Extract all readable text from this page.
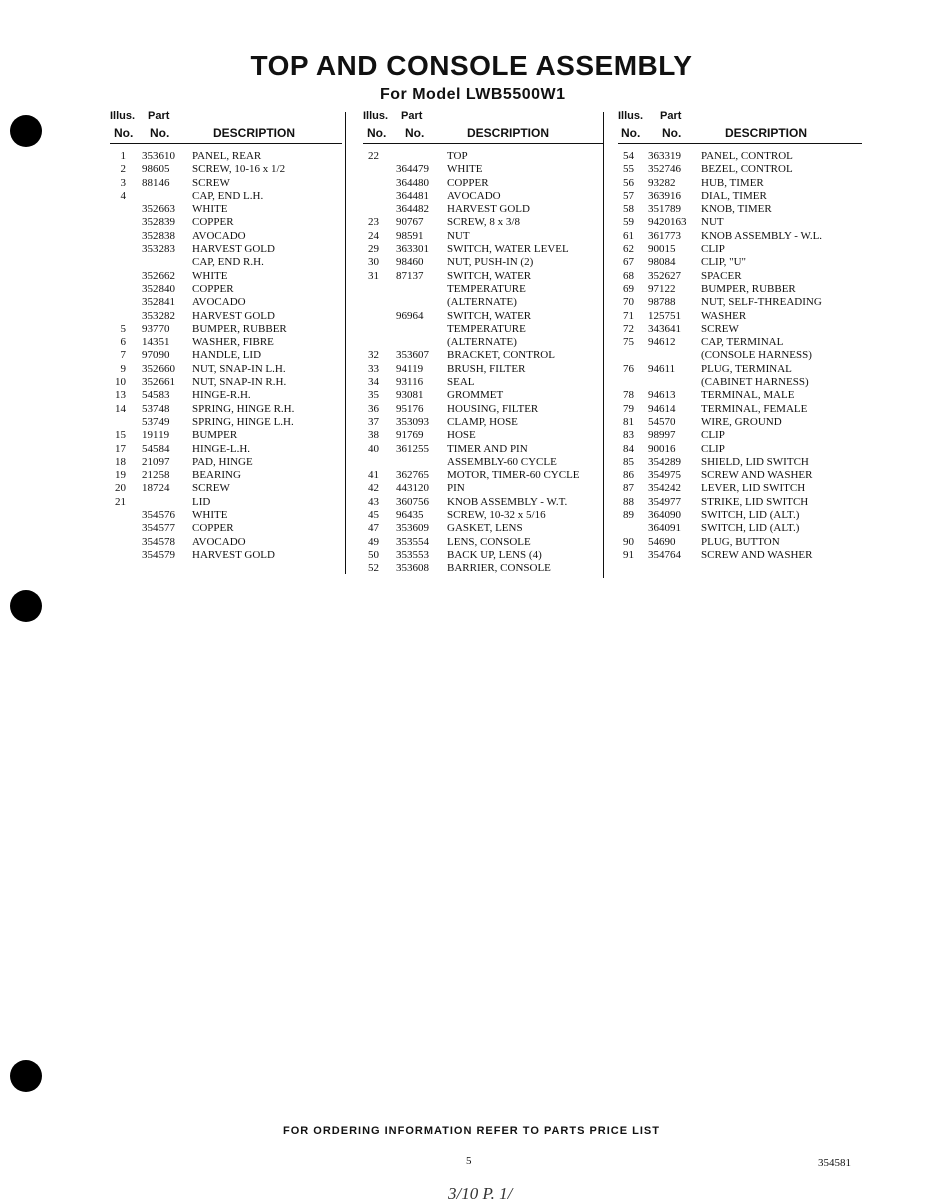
TOP AND CONSOLE ASSEMBLY
For Model LWB5500W1
Illus. Part
No. No.	DESCRIPTION
1 353610 PANEL, REAR
2 98605 SCREW, 10-16 x 1/2
3 88146 SCREW
4	CAP, END L.H.
352663 WHITE
352839 COPPER
352838 AVOCADO
353283 HARVEST GOLD
CAP, END R.H.
352662 WHITE
352840 COPPER
352841 AVOCADO
353282 HARVEST GOLD
5 93770 BUMPER, RUBBER
6 14351 WASHER, FIBRE
7 97090 HANDLE, LID
9 352660 NUT, SNAP-IN L.H.
10 352661 NUT, SNAP-IN R.H.
13 54583 HINGE-R.H.
14 53748 SPRING, HINGE R.H.
53749 SPRING, HINGE L.H.
15 19119 BUMPER
17 54584 HINGE-L.H.
18 21097 PAD, HINGE
19 21258 BEARING
20 18724 SCREW
21	LID
354576 WHITE
354577 COPPER
354578 AVOCADO
354579 HARVEST GOLD
Illus. Part
No. No.	DESCRIPTION
22	TOP
364479 WHITE
364480 COPPER
364481 AVOCADO
364482 HARVEST GOLD
23 90767 SCREW, 8 x 3/8
24 98591 NUT
29 363301 SWITCH, WATER LEVEL
30 98460 NUT, PUSH-IN (2)
31 87137 SWITCH, WATER
TEMPERATURE
(ALTERNATE)
96964 SWITCH, WATER
TEMPERATURE
(ALTERNATE)
32 353607 BRACKET, CONTROL
33 94119 BRUSH, FILTER
34 93116 SEAL
35 93081 GROMMET
36 95176 HOUSING, FILTER
37 353093 CLAMP, HOSE
38 91769 HOSE
40 361255 TIMER AND PIN
ASSEMBLY-60 CYCLE
41 362765 MOTOR, TIMER-60 CYCLE
42 443120 PIN
43 360756 KNOB ASSEMBLY - W.T.
45 96435 SCREW, 10-32 x 5/16
47 353609 GASKET, LENS
49 353554 LENS, CONSOLE
50 353553 BACK UP, LENS (4)
52 353608 BARRIER, CONSOLE
Illus. Part
No. No.	DESCRIPTION
54 363319 PANEL, CONTROL
55 352746 BEZEL, CONTROL
56 93282 HUB, TIMER
57 363916 DIAL, TIMER
58 351789 KNOB, TIMER
59 9420163 NUT
61 361773 KNOB ASSEMBLY - W.L.
62 90015 CLIP
67 98084 CLIP, "U"
68 352627 SPACER
69 97122 BUMPER, RUBBER
70 98788 NUT, SELF-THREADING
71 125751 WASHER
72 343641 SCREW
75 94612 CAP, TERMINAL
(CONSOLE HARNESS)
76 94611 PLUG, TERMINAL
(CABINET HARNESS)
78 94613 TERMINAL, MALE
79 94614 TERMINAL, FEMALE
81 54570 WIRE, GROUND
83 98997 CLIP
84 90016 CLIP
85 354289 SHIELD, LID SWITCH
86 354975 SCREW AND WASHER
87 354242 LEVER, LID SWITCH
88 354977 STRIKE, LID SWITCH
89 364090 SWITCH, LID (ALT.)
364091 SWITCH, LID (ALT.)
90 54690 PLUG, BUTTON
91 354764 SCREW AND WASHER
FOR ORDERING INFORMATION REFER TO PARTS PRICE LIST
5	354581
3/10 P. 1/
